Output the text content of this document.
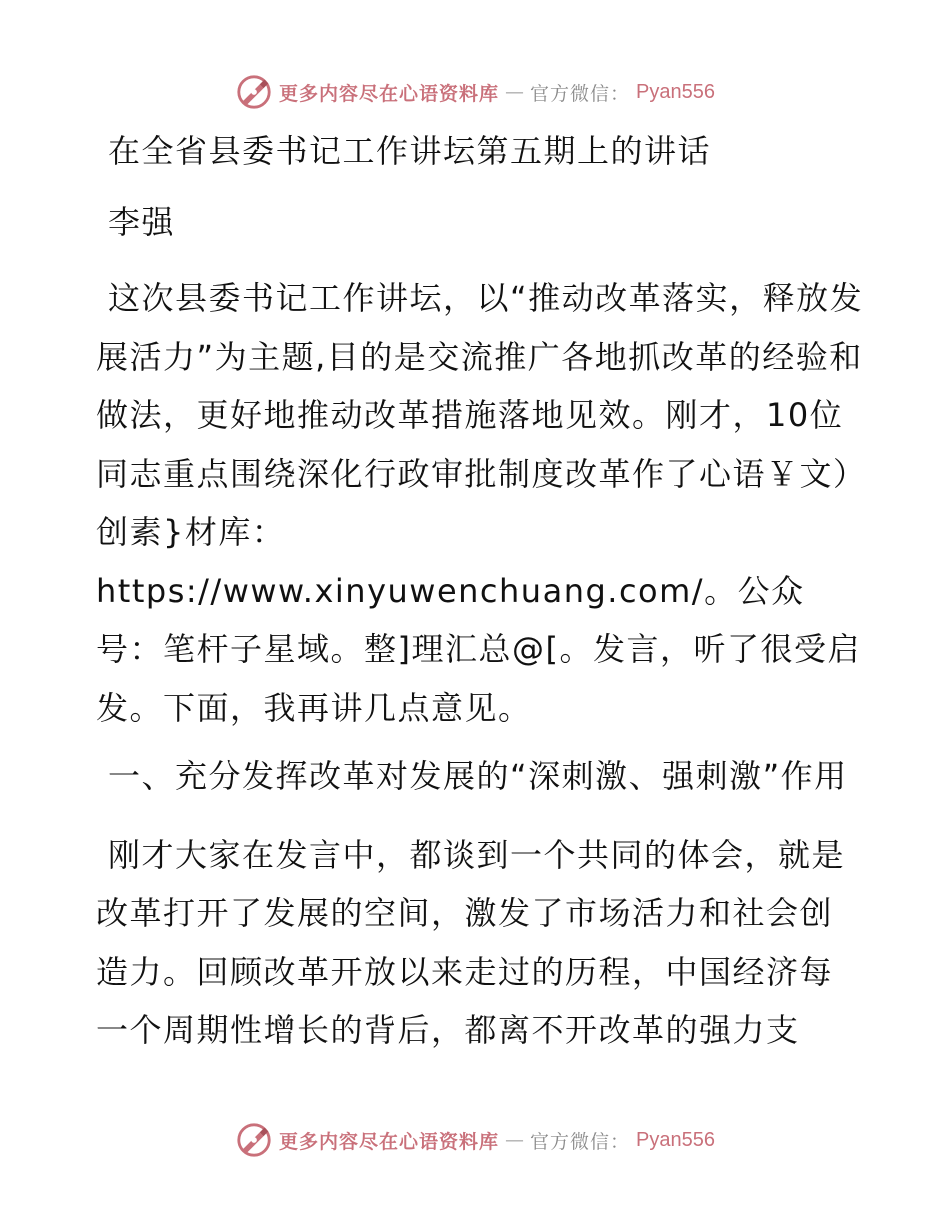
更多内容尽在心语资料库 — 官方微信： Pyan556

在全省县委书记工作讲坛第五期上的讲话

李强

这次县委书记工作讲坛，以“推动改革落实，释放发展活力”为主题,目的是交流推广各地抓改革的经验和做法，更好地推动改革措施落地见效。刚才，10位同志重点围绕深化行政审批制度改革作了心语￥文）创素}材库：https://www.xinyuwenchuang.com/。公众号：笔杆子星域。整]理汇总@[。发言，听了很受启发。下面，我再讲几点意见。

一、充分发挥改革对发展的“深刺激、强刺激”作用

刚才大家在发言中，都谈到一个共同的体会，就是改革打开了发展的空间，激发了市场活力和社会创造力。回顾改革开放以来走过的历程，中国经济每一个周期性增长的背后，都离不开改革的强力支

更多内容尽在心语资料库 — 官方微信： Pyan556
